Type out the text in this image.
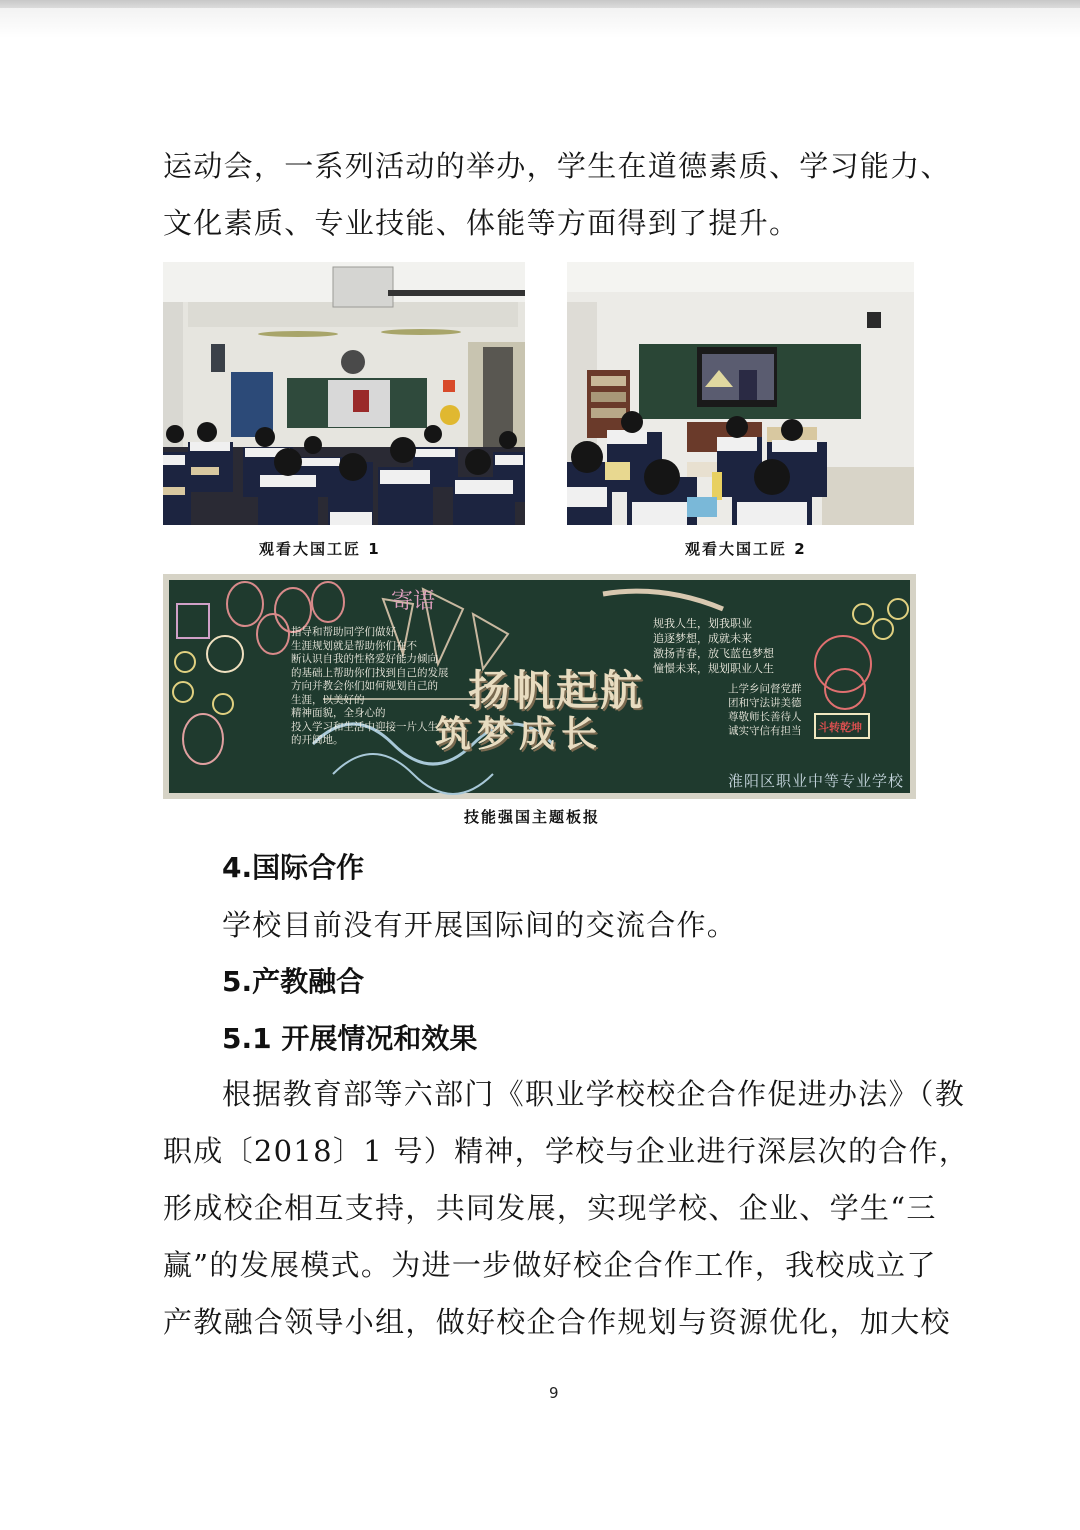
运动会，一系列活动的举办，学生在道德素质、学习能力、
文化素质、专业技能、体能等方面得到了提升。
观看大国工匠 1	观看大国工匠 2
寄语
指导和帮助同学们做好
生涯规划就是帮助你们在不
断认识自我的性格爱好能力倾向
的基础上帮助你们找到自己的发展
方向并教会你们如何规划自己的
生涯，以美好的
精神面貌，全身心的
投入学习和生活中迎接一片人生
的开阔地。
扬帆起航
筑梦成长
规我人生，划我职业
追逐梦想，成就未来
激扬青春，放飞蓝色梦想
憧憬未来，规划职业人生
上学乡问督党群
团和守法讲美德
尊敬师长善待人
诚实守信有担当	斗转乾坤
淮阳区职业中等专业学校
技能强国主题板报
4.国际合作
学校目前没有开展国际间的交流合作。
5.产教融合
5.1 开展情况和效果
根据教育部等六部门《职业学校校企合作促进办法》（教
职成〔2018〕1 号）精神，学校与企业进行深层次的合作，
形成校企相互支持，共同发展，实现学校、企业、学生“三
赢”的发展模式。为进一步做好校企合作工作，我校成立了
产教融合领导小组，做好校企合作规划与资源优化，加大校
9
